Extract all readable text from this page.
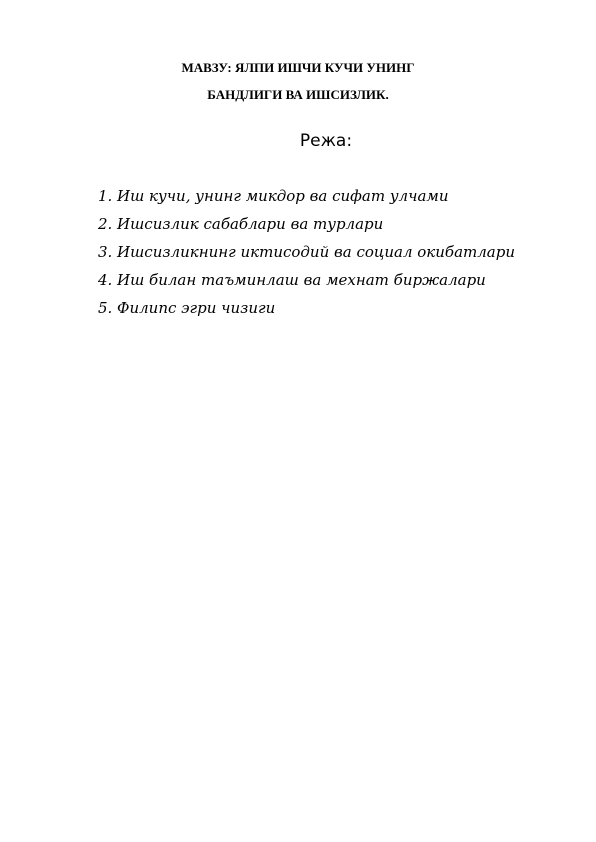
МАВЗУ: ЯЛПИ ИШЧИ КУЧИ УНИНГ
БАНДЛИГИ ВА ИШСИЗЛИК.

Режа:

1. Иш кучи, унинг микдор ва сифат улчами
2. Ишсизлик сабаблари ва турлари
3. Ишсизликнинг иктисодий ва социал окибатлари
4. Иш билан таъминлаш ва мехнат биржалари
5. Филипс эгри чизиги
